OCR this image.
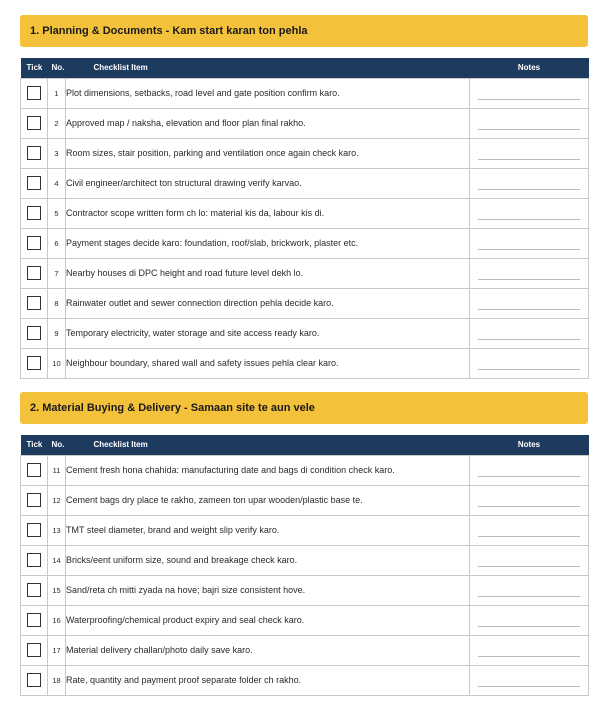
1. Planning & Documents - Kam start karan ton pehla
Tick	No.	Checklist Item	Notes
	1	Plot dimensions, setbacks, road level and gate position confirm karo.	

	2	Approved map / naksha, elevation and floor plan final rakho.	

	3	Room sizes, stair position, parking and ventilation once again check karo.	

	4	Civil engineer/architect ton structural drawing verify karvao.	

	5	Contractor scope written form ch lo: material kis da, labour kis di.	

	6	Payment stages decide karo: foundation, roof/slab, brickwork, plaster etc.	

	7	Nearby houses di DPC height and road future level dekh lo.	

	8	Rainwater outlet and sewer connection direction pehla decide karo.	

	9	Temporary electricity, water storage and site access ready karo.	

	10	Neighbour boundary, shared wall and safety issues pehla clear karo.	
2. Material Buying & Delivery - Samaan site te aun vele
Tick	No.	Checklist Item	Notes
	11	Cement fresh hona chahida: manufacturing date and bags di condition check karo.	

	12	Cement bags dry place te rakho, zameen ton upar wooden/plastic base te.	

	13	TMT steel diameter, brand and weight slip verify karo.	

	14	Bricks/eent uniform size, sound and breakage check karo.	

	15	Sand/reta ch mitti zyada na hove; bajri size consistent hove.	

	16	Waterproofing/chemical product expiry and seal check karo.	

	17	Material delivery challan/photo daily save karo.	

	18	Rate, quantity and payment proof separate folder ch rakho.	
